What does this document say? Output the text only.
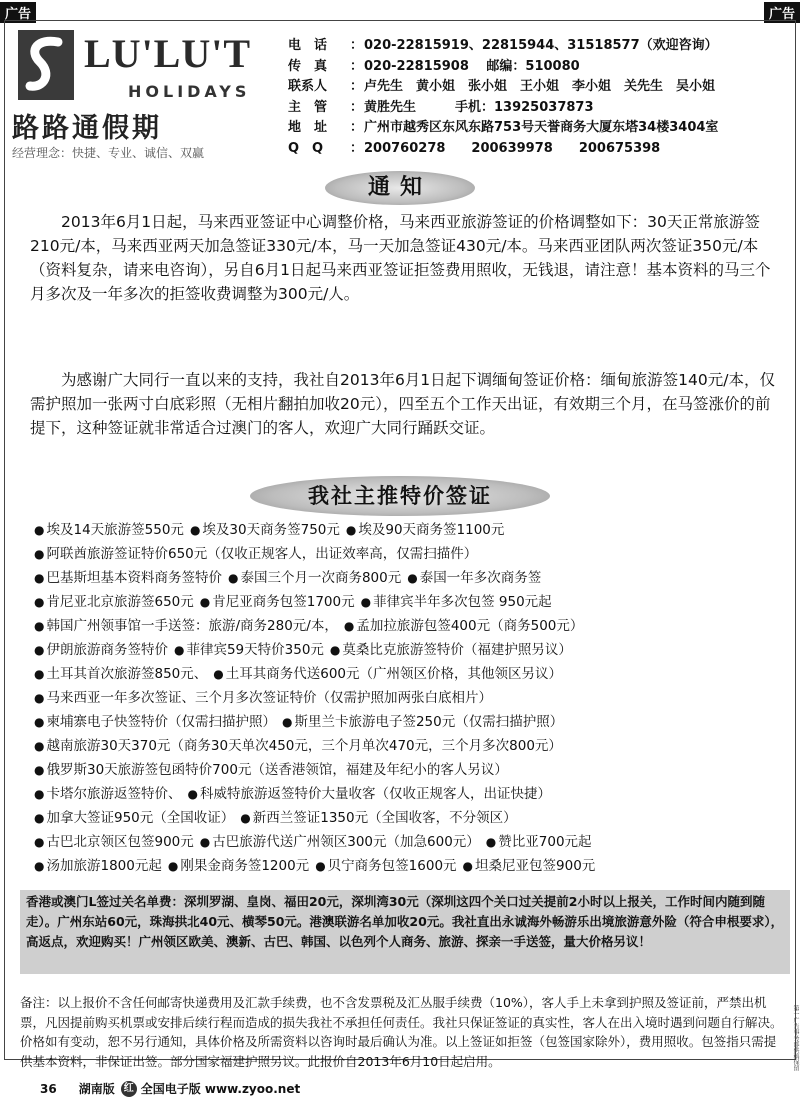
广告	广告
LU'LU'T
HOLIDAYS
路路通假期
经营理念：快捷、专业、诚信、双赢
电　话	： 020-22815919、22815944、31518577（欢迎咨询）
传　真	： 020-22815908　 邮编：510080
联系人	： 卢先生　黄小姐　张小姐　王小姐　李小姐　关先生　吴小姐
主　管	： 黄胜先生　　　手机：13925037873
地　址	： 广州市越秀区东风东路753号天誉商务大厦东塔34楼3404室
Q　Q	： 200760278　　200639978　　200675398
通知
　　2013年6月1日起，马来西亚签证中心调整价格，马来西亚旅游签证的价格调整如下：30天正常旅游签210元/本，马来西亚两天加急签证330元/本，马一天加急签证430元/本。马来西亚团队两次签证350元/本（资料复杂，请来电咨询），另自6月1日起马来西亚签证拒签费用照收，无钱退，请注意！基本资料的马三个月多次及一年多次的拒签收费调整为300元/人。
　　为感谢广大同行一直以来的支持，我社自2013年6月1日起下调缅甸签证价格：缅甸旅游签140元/本，仅需护照加一张两寸白底彩照（无相片翻拍加收20元），四至五个工作天出证，有效期三个月，在马签涨价的前提下，这种签证就非常适合过澳门的客人，欢迎广大同行踊跃交证。
我社主推特价签证
● 埃及14天旅游签550元 ● 埃及30天商务签750元 ● 埃及90天商务签1100元
● 阿联酋旅游签证特价650元（仅收正规客人，出证效率高，仅需扫描件）
● 巴基斯坦基本资料商务签特价 ● 泰国三个月一次商务800元 ● 泰国一年多次商务签
● 肯尼亚北京旅游签650元 ● 肯尼亚商务包签1700元 ● 菲律宾半年多次包签 950元起
● 韩国广州领事馆一手送签：旅游/商务280元/本， ● 孟加拉旅游包签400元（商务500元）
● 伊朗旅游商务签特价 ● 菲律宾59天特价350元 ● 莫桑比克旅游签特价（福建护照另议）
● 土耳其首次旅游签850元、 ● 土耳其商务代送600元（广州领区价格，其他领区另议）
● 马来西亚一年多次签证、三个月多次签证特价（仅需护照加两张白底相片）
● 柬埔寨电子快签特价（仅需扫描护照） ● 斯里兰卡旅游电子签250元（仅需扫描护照）
● 越南旅游30天370元（商务30天单次450元，三个月单次470元，三个月多次800元）
● 俄罗斯30天旅游签包函特价700元（送香港领馆，福建及年纪小的客人另议）
● 卡塔尔旅游返签特价、 ● 科威特旅游返签特价大量收客（仅收正规客人，出证快捷）
● 加拿大签证950元（全国收证） ● 新西兰签证1350元（全国收客，不分领区）
● 古巴北京领区包签900元 ● 古巴旅游代送广州领区300元（加急600元） ● 赞比亚700元起
● 汤加旅游1800元起 ● 刚果金商务签1200元 ● 贝宁商务包签1600元 ● 坦桑尼亚包签900元
香港或澳门L签过关名单费：深圳罗湖、皇岗、福田20元，深圳湾30元（深圳这四个关口过关提前2小时以上报关，工作时间内随到随走）。广州东站60元，珠海拱北40元、横琴50元。港澳联游名单加收20元。我社直出永诚海外畅游乐出境旅游意外险（符合申根要求），高返点，欢迎购买！广州领区欧美、澳新、古巴、韩国、以色列个人商务、旅游、探亲一手送签，量大价格另议！
备注：以上报价不含任何邮寄快递费用及汇款手续费，也不含发票税及汇丛服手续费（10%），客人手上未拿到护照及签证前，严禁出机票，凡因提前购买机票或安排后续行程而造成的损失我社不承担任何责任。我社只保证签证的真实性，客人在出入境时遇到问题自行解决。价格如有变动，恕不另行通知，具体价格及所需资料以咨询时最后确认为准。以上签证如拒签（包签国家除外），费用照收。包签指只需提供基本资料，非保证出签。部分国家福建护照另议。此报价自2013年6月10日起启用。	第一广告事务部供稿保留
36 湖南版 红 全国电子版 www.zyoo.net
